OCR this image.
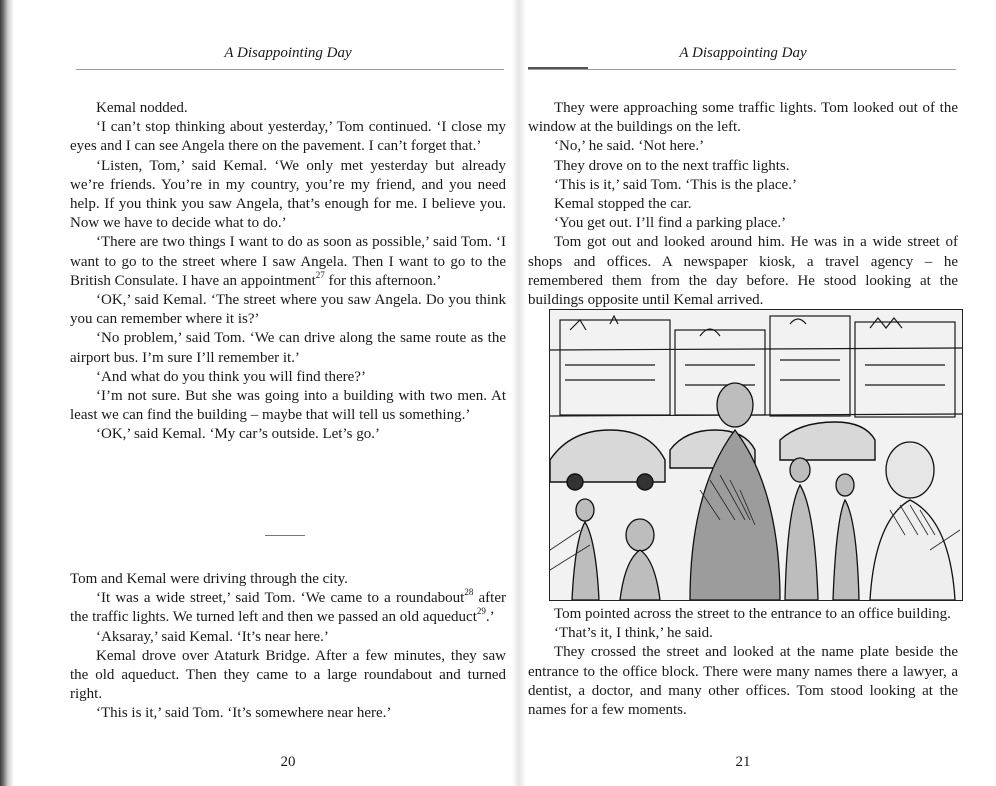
A Disappointing Day

Kemal nodded.

‘I can’t stop thinking about yesterday,’ Tom continued. ‘I close my eyes and I can see Angela there on the pavement. I can’t forget that.’

‘Listen, Tom,’ said Kemal. ‘We only met yesterday but already we’re friends. You’re in my country, you’re my friend, and you need help. If you think you saw Angela, that’s enough for me. I believe you. Now we have to decide what to do.’

‘There are two things I want to do as soon as possible,’ said Tom. ‘I want to go to the street where I saw Angela. Then I want to go to the British Consulate. I have an appointment$^{27}$ for this afternoon.’

‘OK,’ said Kemal. ‘The street where you saw Angela. Do you think you can remember where it is?’

‘No problem,’ said Tom. ‘We can drive along the same route as the airport bus. I’m sure I’ll remember it.’

‘And what do you think you will find there?’

‘I’m not sure. But she was going into a building with two men. At least we can find the building – maybe that will tell us something.’

‘OK,’ said Kemal. ‘My car’s outside. Let’s go.’

Tom and Kemal were driving through the city.

‘It was a wide street,’ said Tom. ‘We came to a roundabout$^{28}$ after the traffic lights. We turned left and then we passed an old aqueduct$^{29}$.’

‘Aksaray,’ said Kemal. ‘It’s near here.’

Kemal drove over Ataturk Bridge. After a few minutes, they saw the old aqueduct. Then they came to a large roundabout and turned right.

‘This is it,’ said Tom. ‘It’s somewhere near here.’

20
A Disappointing Day

They were approaching some traffic lights. Tom looked out of the window at the buildings on the left.

‘No,’ he said. ‘Not here.’

They drove on to the next traffic lights.

‘This is it,’ said Tom. ‘This is the place.’

Kemal stopped the car.

‘You get out. I’ll find a parking place.’

Tom got out and looked around him. He was in a wide street of shops and offices. A newspaper kiosk, a travel agency – he remembered them from the day before. He stood looking at the buildings opposite until Kemal arrived.

Tom pointed across the street to the entrance to an office building.

‘That’s it, I think,’ he said.

They crossed the street and looked at the name plate beside the entrance to the office block. There were many names there a lawyer, a dentist, a doctor, and many other offices. Tom stood looking at the names for a few moments.

21
